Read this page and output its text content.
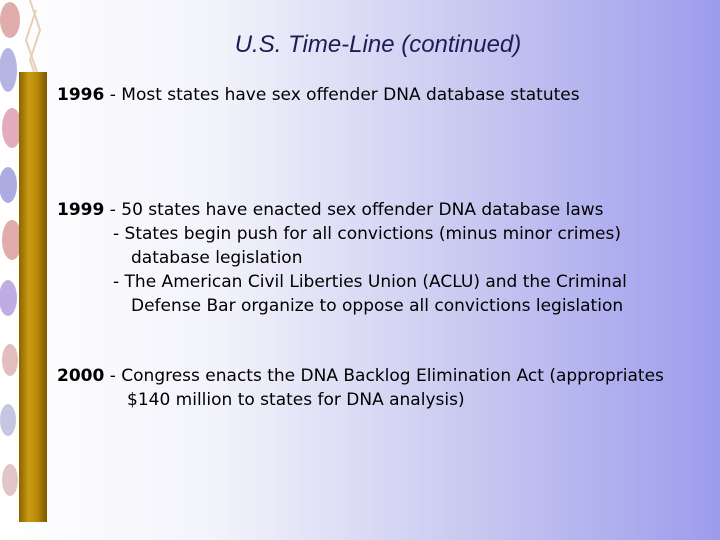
U.S. Time-Line (continued)
1996 - Most states have sex offender DNA database statutes
1999 - 50 states have enacted sex offender DNA database laws
- States begin push for all convictions (minus minor crimes)
database legislation
- The American Civil Liberties Union (ACLU) and the Criminal
Defense Bar organize to oppose all convictions legislation
2000 - Congress enacts the DNA Backlog Elimination Act (appropriates
$140 million to states for DNA analysis)
